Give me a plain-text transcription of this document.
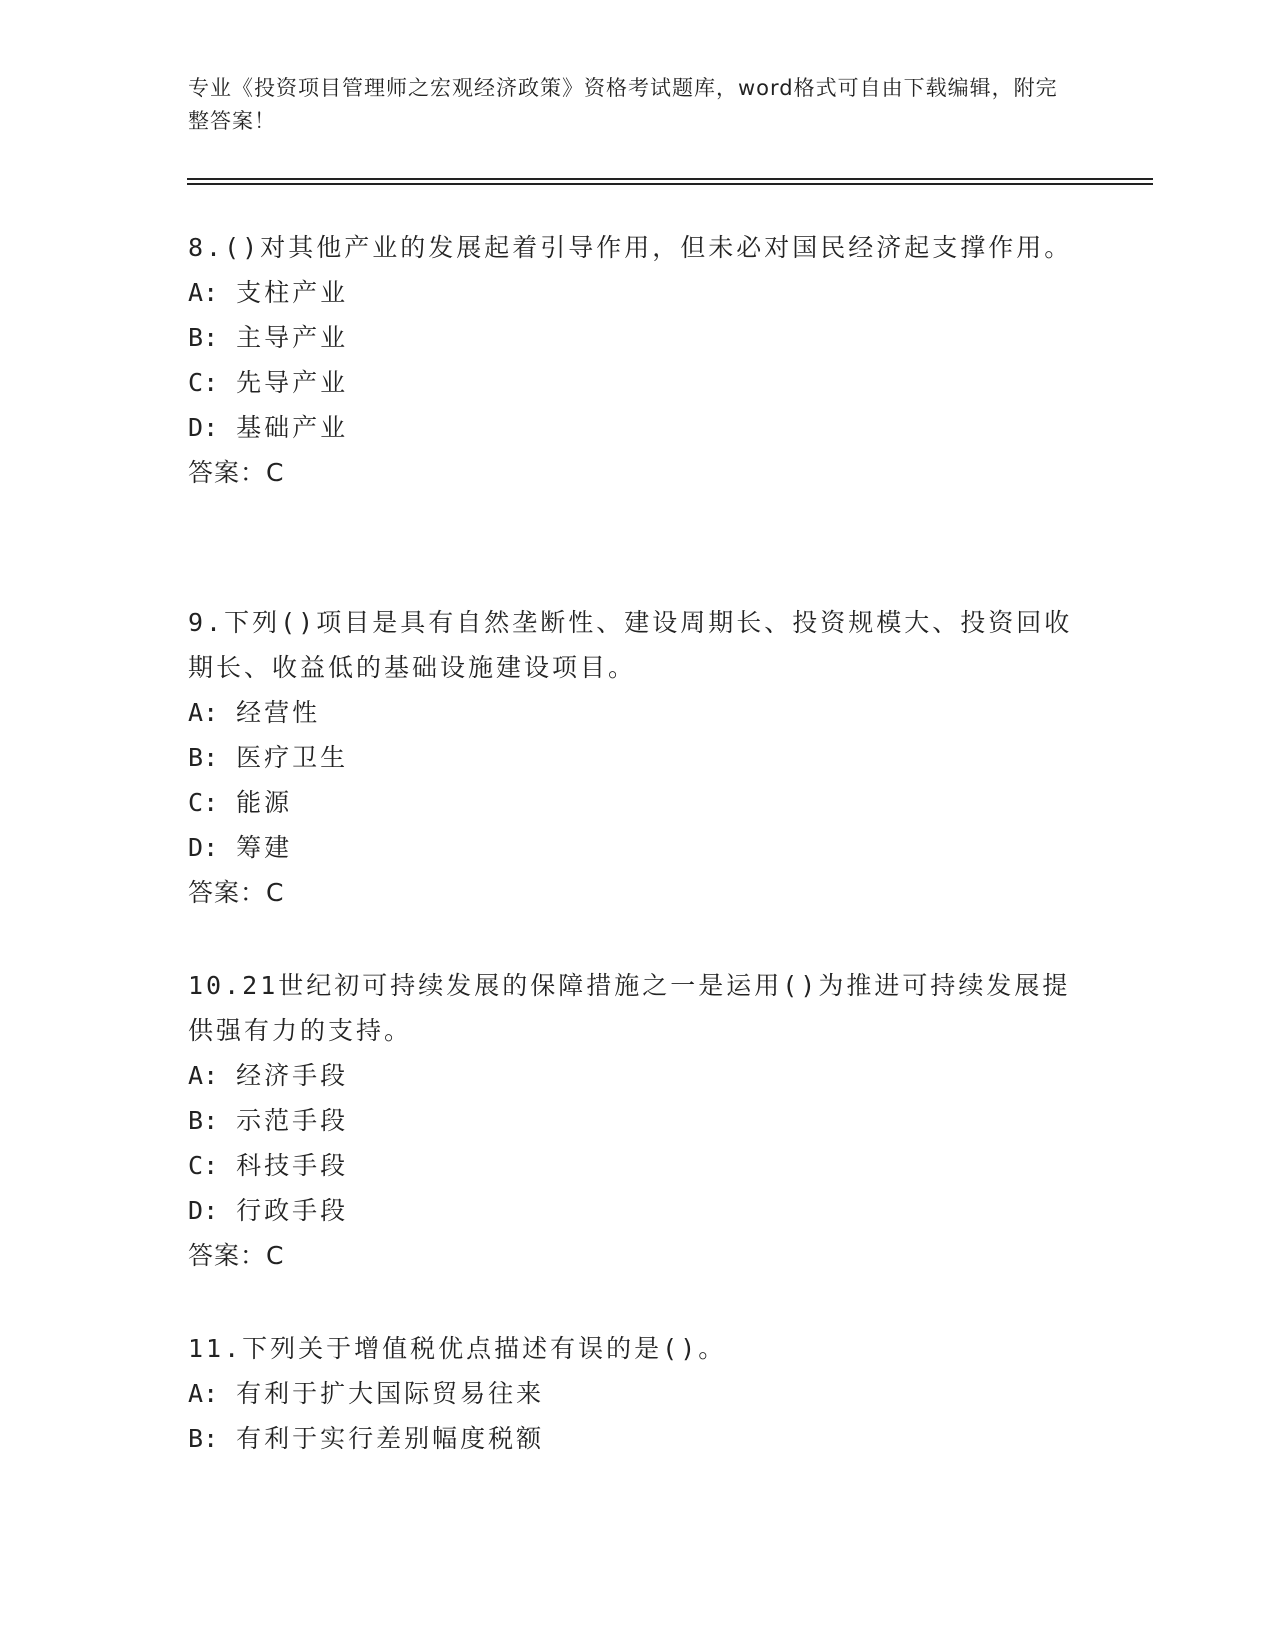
专业《投资项目管理师之宏观经济政策》资格考试题库，word格式可自由下载编辑，附完整答案！
8.()对其他产业的发展起着引导作用，但未必对国民经济起支撑作用。
A: 支柱产业
B: 主导产业
C: 先导产业
D: 基础产业
答案：C
9.下列()项目是具有自然垄断性、建设周期长、投资规模大、投资回收期长、收益低的基础设施建设项目。
A: 经营性
B: 医疗卫生
C: 能源
D: 筹建
答案：C
10.21世纪初可持续发展的保障措施之一是运用()为推进可持续发展提供强有力的支持。
A: 经济手段
B: 示范手段
C: 科技手段
D: 行政手段
答案：C
11.下列关于增值税优点描述有误的是()。
A: 有利于扩大国际贸易往来
B: 有利于实行差别幅度税额
